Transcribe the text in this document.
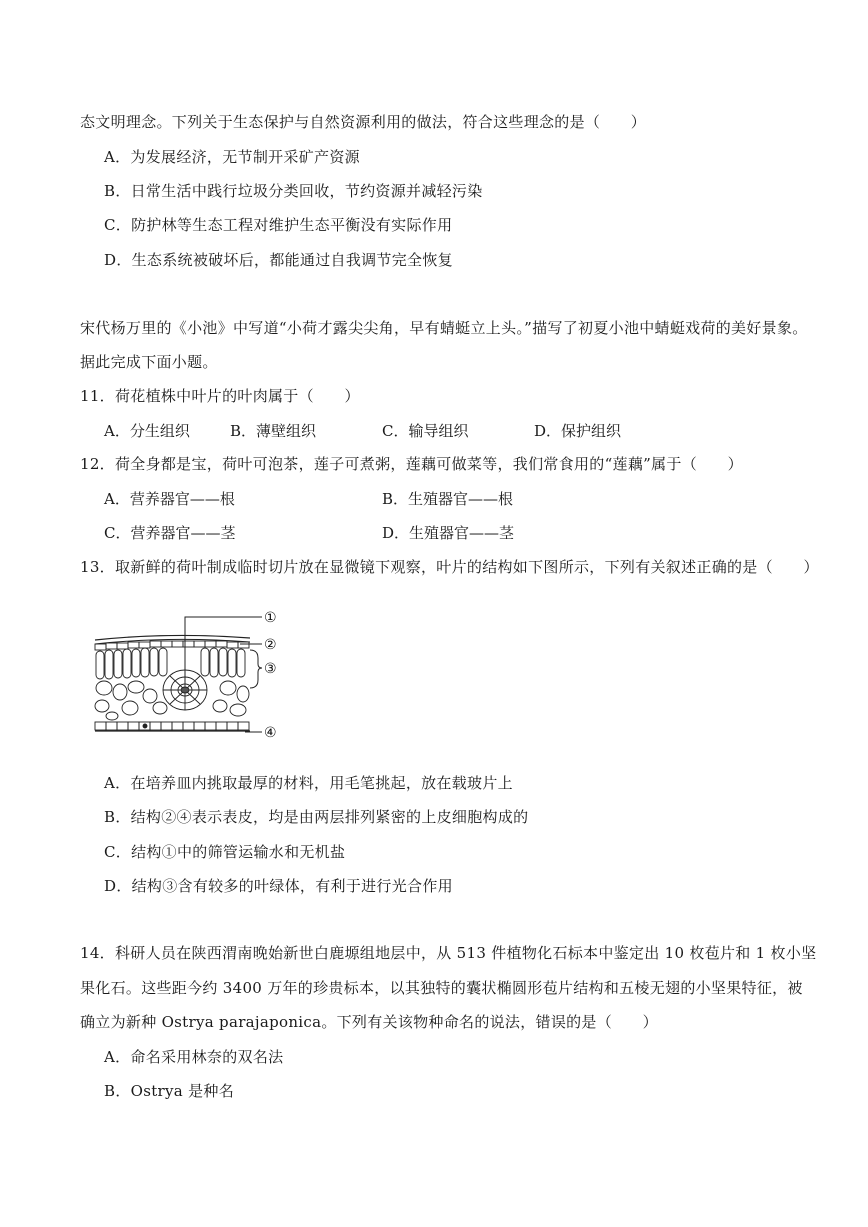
态文明理念。下列关于生态保护与自然资源利用的做法，符合这些理念的是（　　）
A．为发展经济，无节制开采矿产资源
B．日常生活中践行垃圾分类回收，节约资源并减轻污染
C．防护林等生态工程对维护生态平衡没有实际作用
D．生态系统被破坏后，都能通过自我调节完全恢复
宋代杨万里的《小池》中写道“小荷才露尖尖角，早有蜻蜓立上头。”描写了初夏小池中蜻蜓戏荷的美好景象。
据此完成下面小题。
11．荷花植株中叶片的叶肉属于（　　）
A．分生组织	B．薄壁组织	C．输导组织	D．保护组织
12．荷全身都是宝，荷叶可泡茶，莲子可煮粥，莲藕可做菜等，我们常食用的“莲藕”属于（　　）
A．营养器官——根	B．生殖器官——根
C．营养器官——茎	D．生殖器官——茎
13．取新鲜的荷叶制成临时切片放在显微镜下观察，叶片的结构如下图所示，下列有关叙述正确的是（　　）
①
②
③
④
A．在培养皿内挑取最厚的材料，用毛笔挑起，放在载玻片上
B．结构②④表示表皮，均是由两层排列紧密的上皮细胞构成的
C．结构①中的筛管运输水和无机盐
D．结构③含有较多的叶绿体，有利于进行光合作用
14．科研人员在陕西渭南晚始新世白鹿塬组地层中，从 513 件植物化石标本中鉴定出 10 枚苞片和 1 枚小坚
果化石。这些距今约 3400 万年的珍贵标本，以其独特的囊状椭圆形苞片结构和五棱无翅的小坚果特征，被
确立为新种 Ostrya parajaponica。下列有关该物种命名的说法，错误的是（　　）
A．命名采用林奈的双名法
B．Ostrya 是种名
